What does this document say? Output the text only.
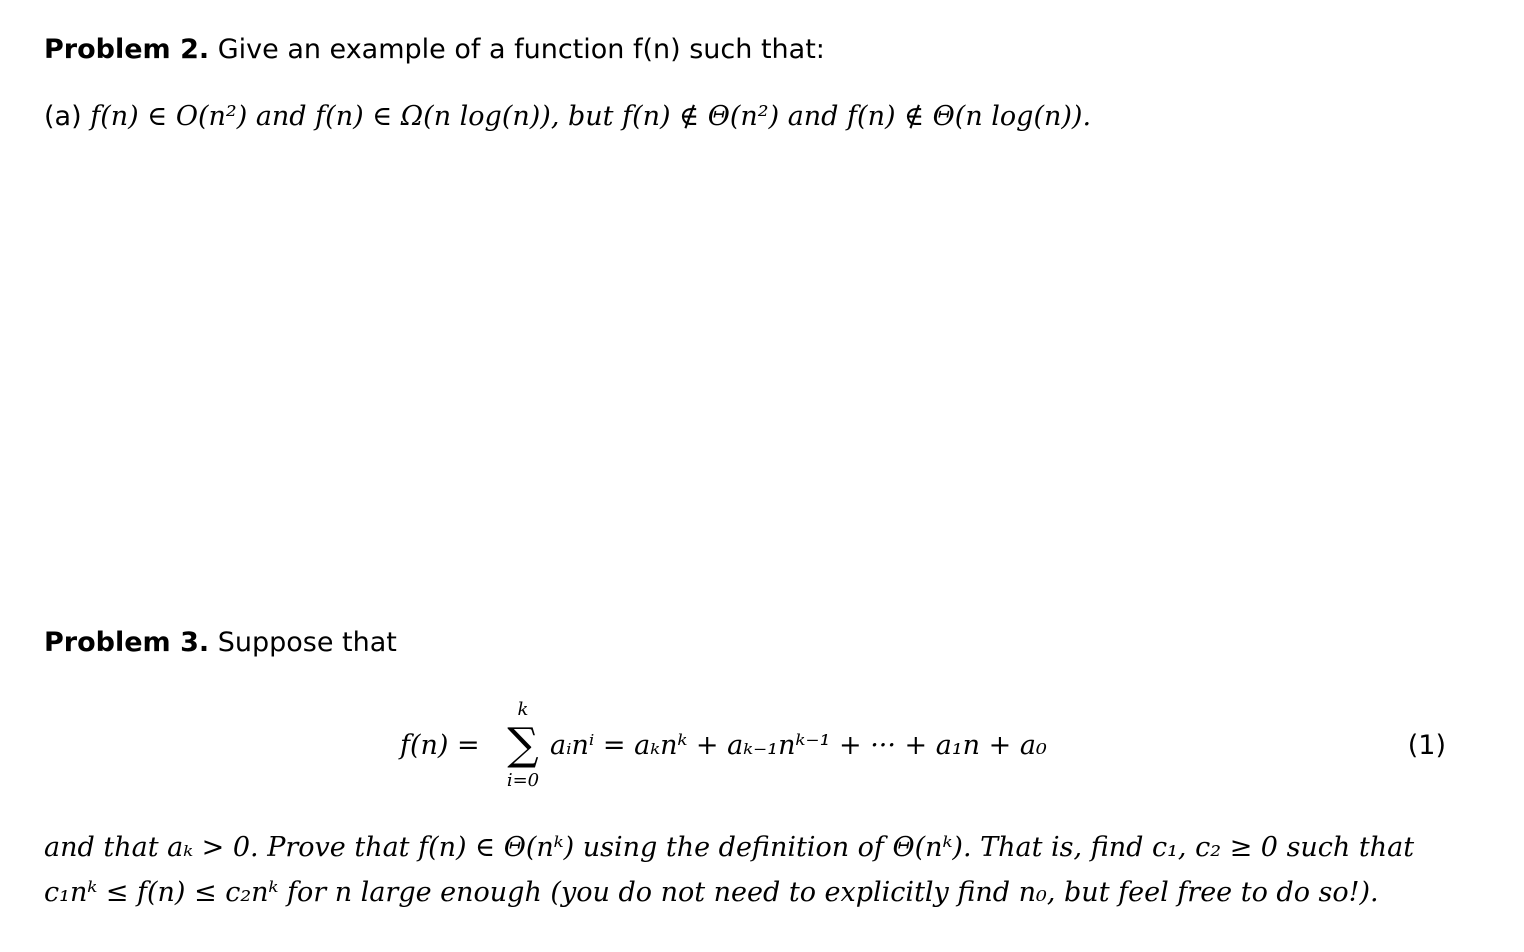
Problem 2. Give an example of a function f(n) such that:
(a) f(n) ∈ O(n²) and f(n) ∈ Ω(n log(n)), but f(n) ∉ Θ(n²) and f(n) ∉ Θ(n log(n)).
Problem 3. Suppose that
f(n) =
k
∑
i=0
aᵢnⁱ = aₖnᵏ + aₖ₋₁nᵏ⁻¹ + ··· + a₁n + a₀	(1)
and that aₖ > 0. Prove that f(n) ∈ Θ(nᵏ) using the definition of Θ(nᵏ). That is, find c₁, c₂ ≥ 0 such that
c₁nᵏ ≤ f(n) ≤ c₂nᵏ for n large enough (you do not need to explicitly find n₀, but feel free to do so!).
